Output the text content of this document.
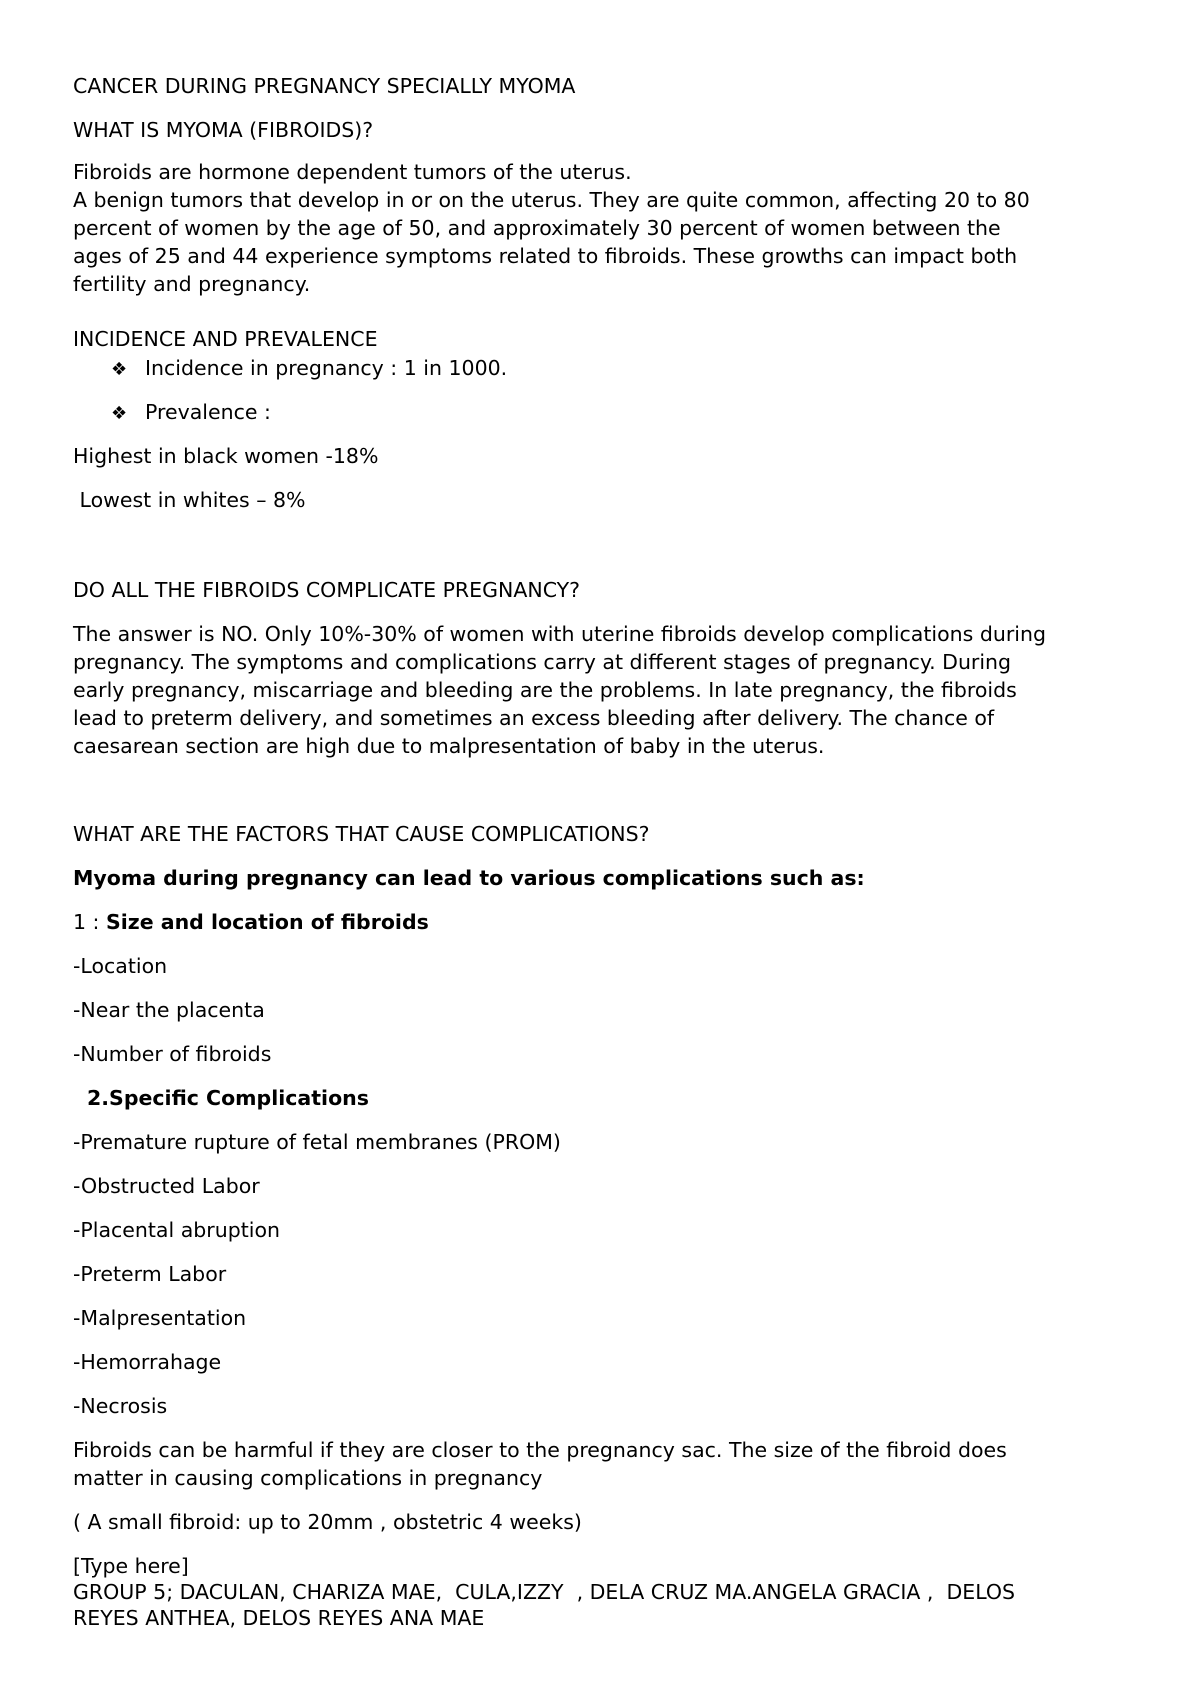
CANCER DURING PREGNANCY SPECIALLY MYOMA
WHAT IS MYOMA (FIBROIDS)?
Fibroids are hormone dependent tumors of the uterus.
A benign tumors that develop in or on the uterus. They are quite common, affecting 20 to 80
percent of women by the age of 50, and approximately 30 percent of women between the
ages of 25 and 44 experience symptoms related to fibroids. These growths can impact both
fertility and pregnancy.
INCIDENCE AND PREVALENCE
❖ Incidence in pregnancy : 1 in 1000.
❖ Prevalence :
Highest in black women -18%
Lowest in whites – 8%
DO ALL THE FIBROIDS COMPLICATE PREGNANCY?
The answer is NO. Only 10%-30% of women with uterine fibroids develop complications during
pregnancy. The symptoms and complications carry at different stages of pregnancy. During
early pregnancy, miscarriage and bleeding are the problems. In late pregnancy, the fibroids
lead to preterm delivery, and sometimes an excess bleeding after delivery. The chance of
caesarean section are high due to malpresentation of baby in the uterus.
WHAT ARE THE FACTORS THAT CAUSE COMPLICATIONS?
Myoma during pregnancy can lead to various complications such as:
1 : Size and location of fibroids
-Location
-Near the placenta
-Number of fibroids
2.Specific Complications
-Premature rupture of fetal membranes (PROM)
-Obstructed Labor
-Placental abruption
-Preterm Labor
-Malpresentation
-Hemorrahage
-Necrosis
Fibroids can be harmful if they are closer to the pregnancy sac. The size of the fibroid does
matter in causing complications in pregnancy
( A small fibroid: up to 20mm , obstetric 4 weeks)
[Type here]
GROUP 5; DACULAN, CHARIZA MAE,  CULA,IZZY  , DELA CRUZ MA.ANGELA GRACIA ,  DELOS
REYES ANTHEA, DELOS REYES ANA MAE
